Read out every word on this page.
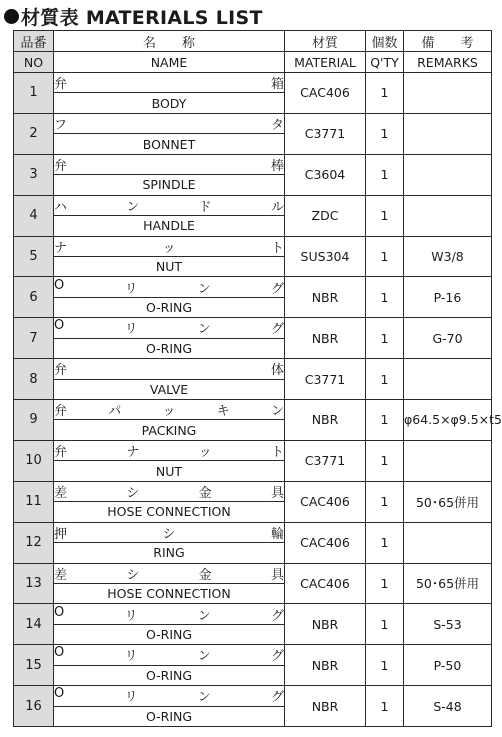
材質表 MATERIALS LIST
品番	名　　称	材質	個数	備　　考
NO	NAME	MATERIAL	Q'TY	REMARKS
1	弁 箱	CAC406	1	
	BODY			
2	フ タ	C3771	1	
	BONNET			
3	弁 棒	C3604	1	
	SPINDLE			
4	ハ ン ド ル	ZDC	1	
	HANDLE			
5	ナ ッ ト	SUS304	1	W3/8
	NUT			
6	O リ ン グ	NBR	1	P-16
	O-RING			
7	O リ ン グ	NBR	1	G-70
	O-RING			
8	弁 体	C3771	1	
	VALVE			
9	弁 パ ッ キ ン	NBR	1	φ64.5×φ9.5×t5
	PACKING			
10	弁 ナ ッ ト	C3771	1	
	NUT			
11	差 シ 金 具	CAC406	1	50･65併用
	HOSE CONNECTION			
12	押 シ 輪	CAC406	1	
	RING			
13	差 シ 金 具	CAC406	1	50･65併用
	HOSE CONNECTION			
14	O リ ン グ	NBR	1	S-53
	O-RING			
15	O リ ン グ	NBR	1	P-50
	O-RING			
16	O リ ン グ	NBR	1	S-48
	O-RING			
